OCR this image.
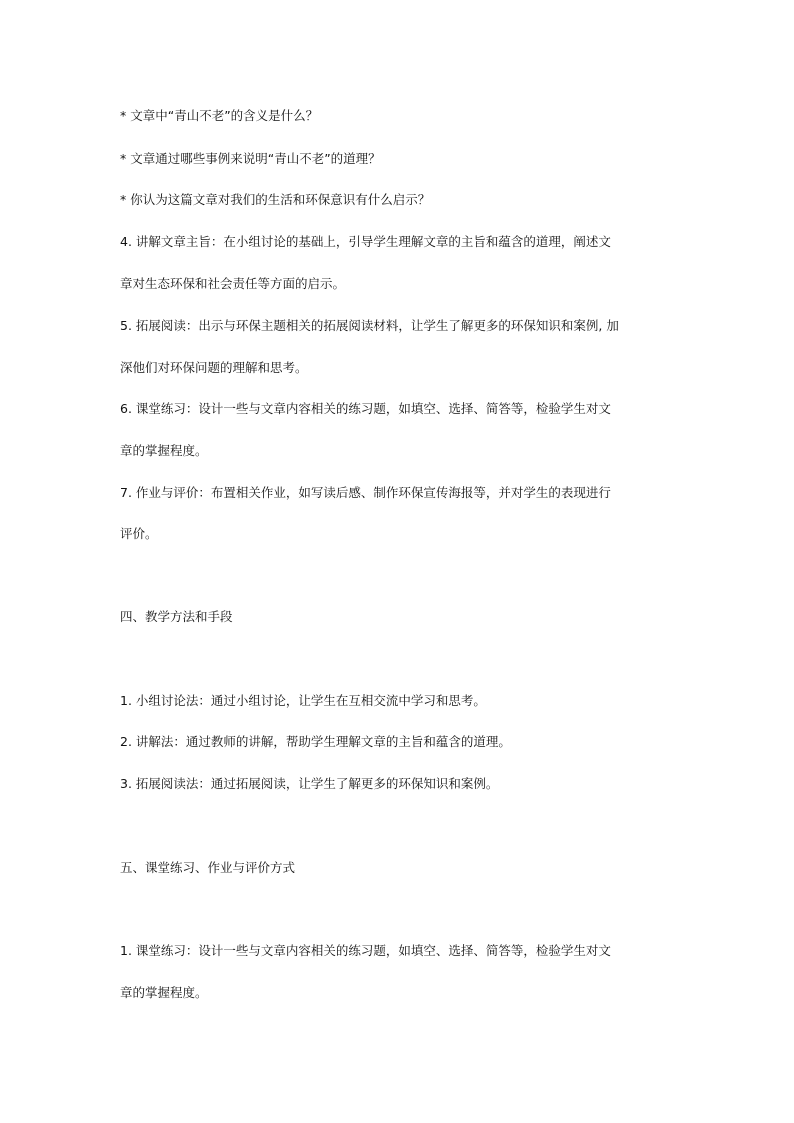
* 文章中“青山不老”的含义是什么？
* 文章通过哪些事例来说明“青山不老”的道理？
* 你认为这篇文章对我们的生活和环保意识有什么启示？
4. 讲解文章主旨：在小组讨论的基础上，引导学生理解文章的主旨和蕴含的道理，阐述文
章对生态环保和社会责任等方面的启示。
5. 拓展阅读：出示与环保主题相关的拓展阅读材料，让学生了解更多的环保知识和案例, 加
深他们对环保问题的理解和思考。
6. 课堂练习：设计一些与文章内容相关的练习题，如填空、选择、简答等，检验学生对文
章的掌握程度。
7. 作业与评价：布置相关作业，如写读后感、制作环保宣传海报等，并对学生的表现进行
评价。
四、教学方法和手段
1. 小组讨论法：通过小组讨论，让学生在互相交流中学习和思考。
2. 讲解法：通过教师的讲解，帮助学生理解文章的主旨和蕴含的道理。
3. 拓展阅读法：通过拓展阅读，让学生了解更多的环保知识和案例。
五、课堂练习、作业与评价方式
1. 课堂练习：设计一些与文章内容相关的练习题，如填空、选择、简答等，检验学生对文
章的掌握程度。
